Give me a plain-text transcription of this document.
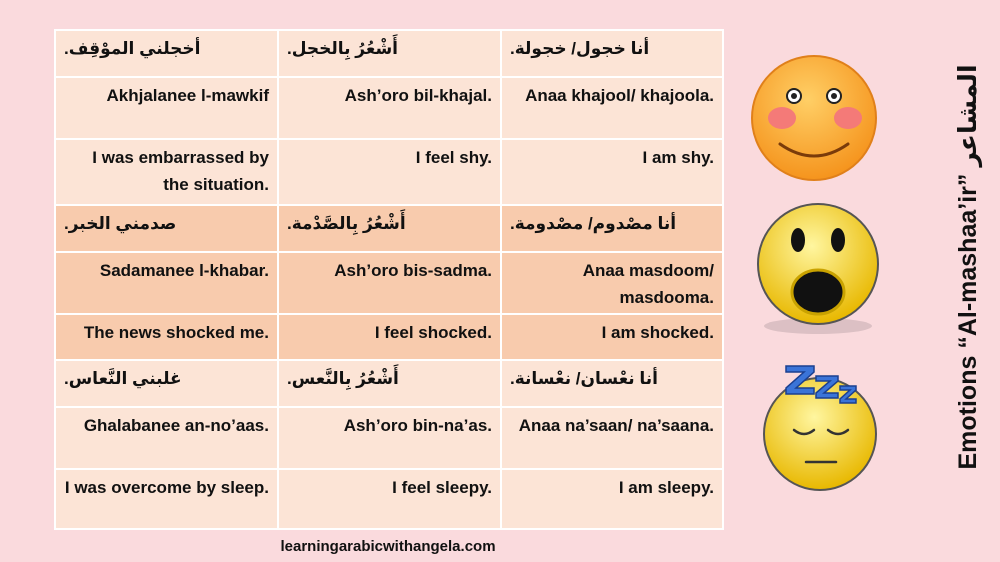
أخجلني الموْقِف.	أَشْعُرُ بِالخجل.	أنا خجول/ خجولة.
Akhjalanee l-mawkif	Ash’oro bil-khajal.	Anaa khajool/ khajoola.
I was embarrassed by the situation.	I feel shy.	I am shy.
صدمني الخبر.	أَشْعُرُ بِالصَّدْمة.	أنا مصْدوم/ مصْدومة.
Sadamanee l-khabar.	Ash’oro bis-sadma.	Anaa masdoom/ masdooma.
The news shocked me.	I feel shocked.	I am shocked.
غلبني النَّعاس.	أَشْعُرُ بِالنَّعس.	أنا نعْسان/ نعْسانة.
Ghalabanee an-no’aas.	Ash’oro bin-na’as.	Anaa na’saan/ na’saana.
I was overcome by sleep.	I feel sleepy.	I am sleepy.
Emotions “Al-mashaa’ir” المشاعر
learningarabicwithangela.com
